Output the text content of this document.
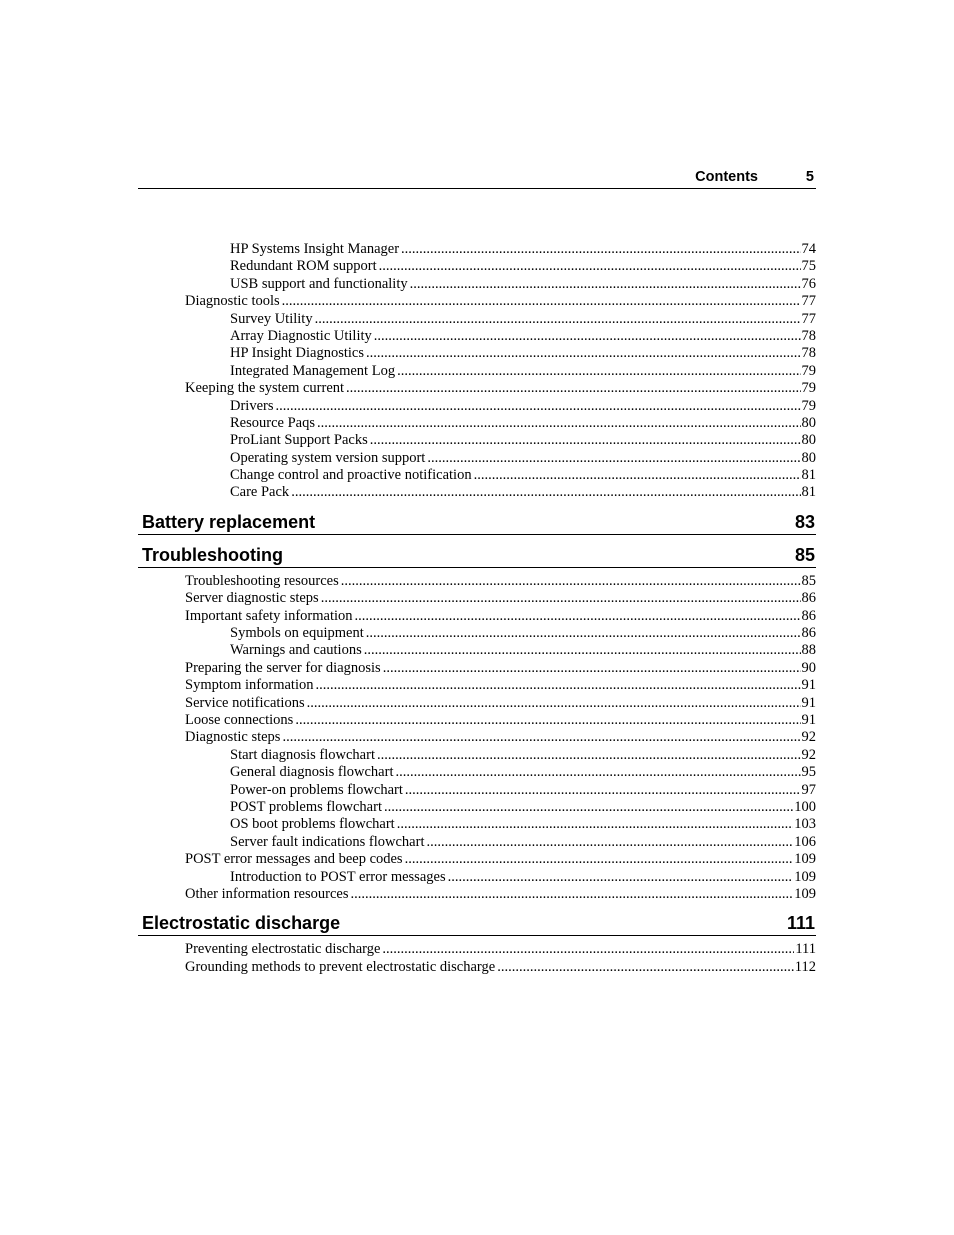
Contents	5
HP Systems Insight Manager .....	74
Redundant ROM support .....	75
USB support and functionality .....	76
Diagnostic tools .....	77
Survey Utility .....	77
Array Diagnostic Utility .....	78
HP Insight Diagnostics .....	78
Integrated Management Log .....	79
Keeping the system current .....	79
Drivers .....	79
Resource Paqs .....	80
ProLiant Support Packs .....	80
Operating system version support .....	80
Change control and proactive notification .....	81
Care Pack .....	81
Battery replacement	83
Troubleshooting	85
Troubleshooting resources .....	85
Server diagnostic steps .....	86
Important safety information .....	86
Symbols on equipment .....	86
Warnings and cautions .....	88
Preparing the server for diagnosis .....	90
Symptom information .....	91
Service notifications .....	91
Loose connections .....	91
Diagnostic steps .....	92
Start diagnosis flowchart .....	92
General diagnosis flowchart .....	95
Power-on problems flowchart .....	97
POST problems flowchart .....	100
OS boot problems flowchart .....	103
Server fault indications flowchart .....	106
POST error messages and beep codes .....	109
Introduction to POST error messages .....	109
Other information resources .....	109
Electrostatic discharge	111
Preventing electrostatic discharge .....	111
Grounding methods to prevent electrostatic discharge .....	112
